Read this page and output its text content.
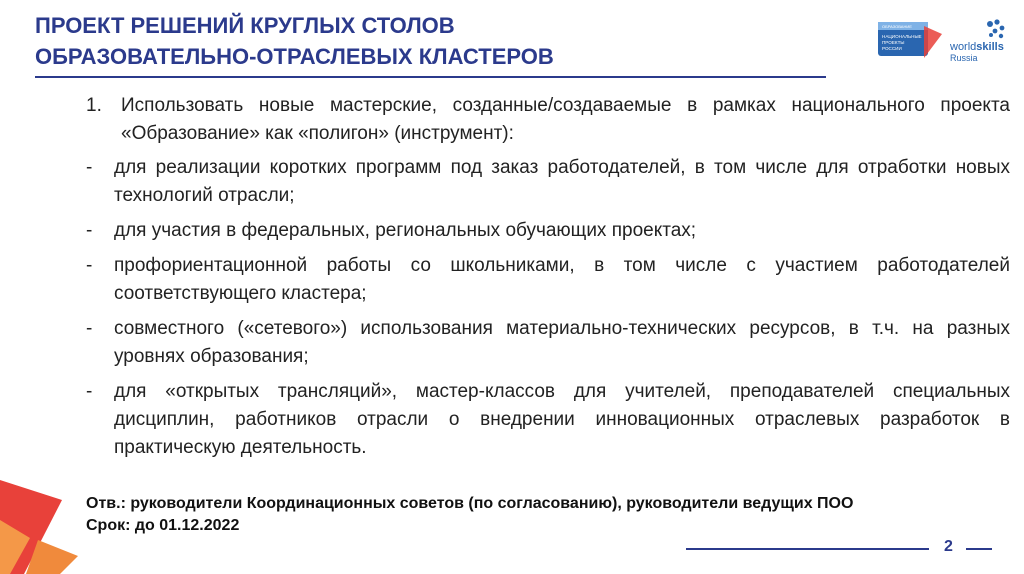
ПРОЕКТ РЕШЕНИЙ КРУГЛЫХ СТОЛОВ
ОБРАЗОВАТЕЛЬНО-ОТРАСЛЕВЫХ КЛАСТЕРОВ
ОБРАЗОВАНИЕ
НАЦИОНАЛЬНЫЕ
ПРОЕКТЫ
РОССИИ	worldskills
Russia
1. Использовать новые мастерские, созданные/создаваемые в рамках национального проекта «Образование» как «полигон» (инструмент):
- для реализации коротких программ под заказ работодателей, в том числе для отработки новых технологий отрасли;
- для участия в федеральных, региональных обучающих проектах;
- профориентационной работы со школьниками, в том числе с участием работодателей соответствующего кластера;
- совместного («сетевого») использования материально-технических ресурсов, в т.ч. на разных уровнях образования;
- для «открытых трансляций», мастер-классов для учителей, преподавателей специальных дисциплин, работников отрасли о внедрении инновационных отраслевых разработок в практическую деятельность.
Отв.: руководители Координационных советов (по согласованию), руководители ведущих ПОО
Срок: до 01.12.2022
2
